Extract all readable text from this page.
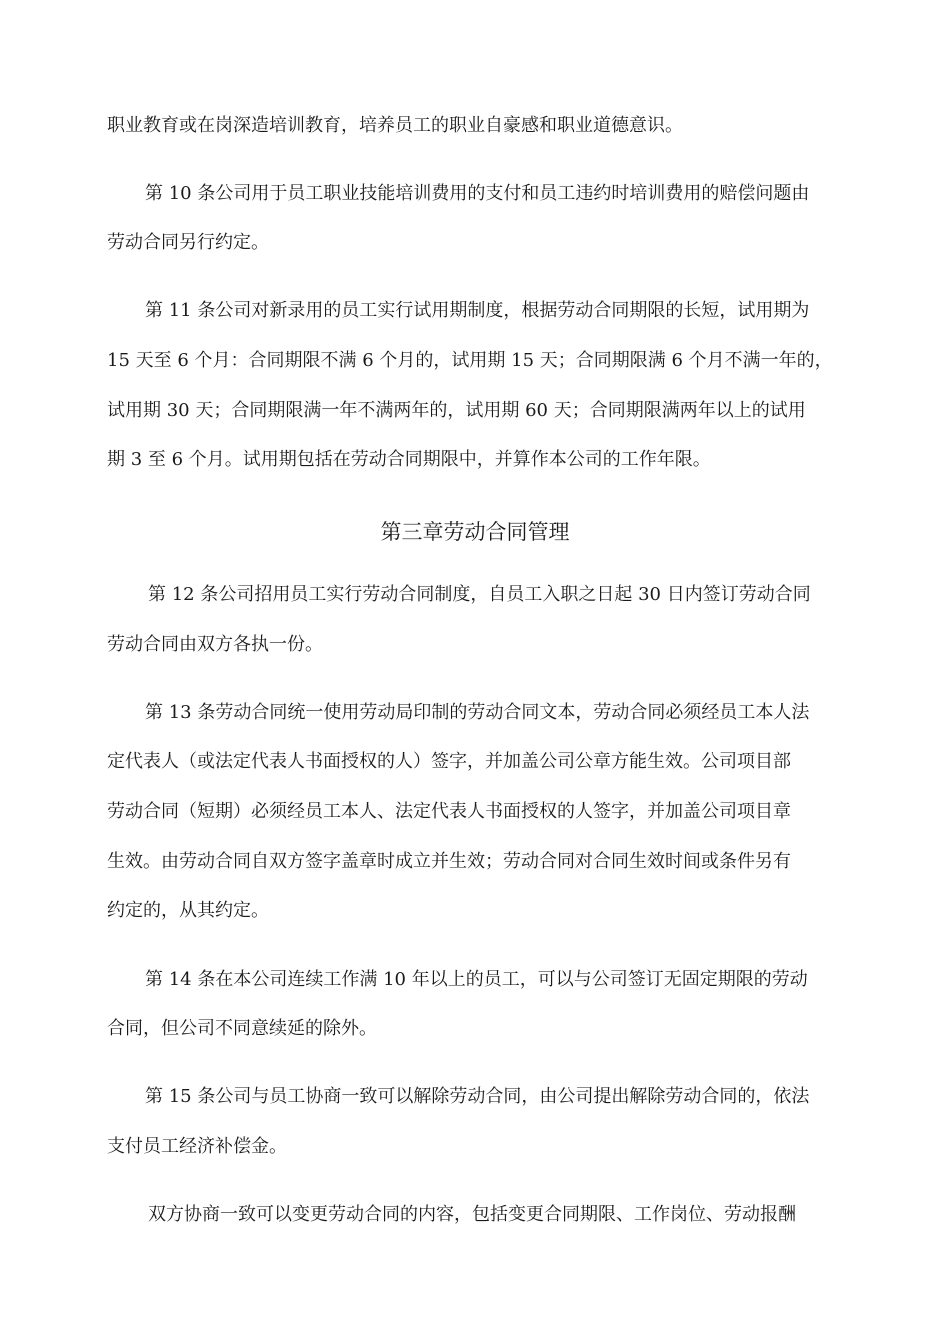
职业教育或在岗深造培训教育，培养员工的职业自豪感和职业道德意识。
第 10 条公司用于员工职业技能培训费用的支付和员工违约时培训费用的赔偿问题由
劳动合同另行约定。
第 11 条公司对新录用的员工实行试用期制度，根据劳动合同期限的长短，试用期为
15 天至 6 个月：合同期限不满 6 个月的，试用期 15 天；合同期限满 6 个月不满一年的，
试用期 30 天；合同期限满一年不满两年的，试用期 60 天；合同期限满两年以上的试用
期 3 至 6 个月。试用期包括在劳动合同期限中，并算作本公司的工作年限。
第三章劳动合同管理
第 12 条公司招用员工实行劳动合同制度，自员工入职之日起 30 日内签订劳动合同
劳动合同由双方各执一份。
第 13 条劳动合同统一使用劳动局印制的劳动合同文本，劳动合同必须经员工本人法
定代表人（或法定代表人书面授权的人）签字，并加盖公司公章方能生效。公司项目部
劳动合同（短期）必须经员工本人、法定代表人书面授权的人签字，并加盖公司项目章
生效。由劳动合同自双方签字盖章时成立并生效；劳动合同对合同生效时间或条件另有
约定的，从其约定。
第 14 条在本公司连续工作满 10 年以上的员工，可以与公司签订无固定期限的劳动
合同，但公司不同意续延的除外。
第 15 条公司与员工协商一致可以解除劳动合同，由公司提出解除劳动合同的，依法
支付员工经济补偿金。
双方协商一致可以变更劳动合同的内容，包括变更合同期限、工作岗位、劳动报酬
